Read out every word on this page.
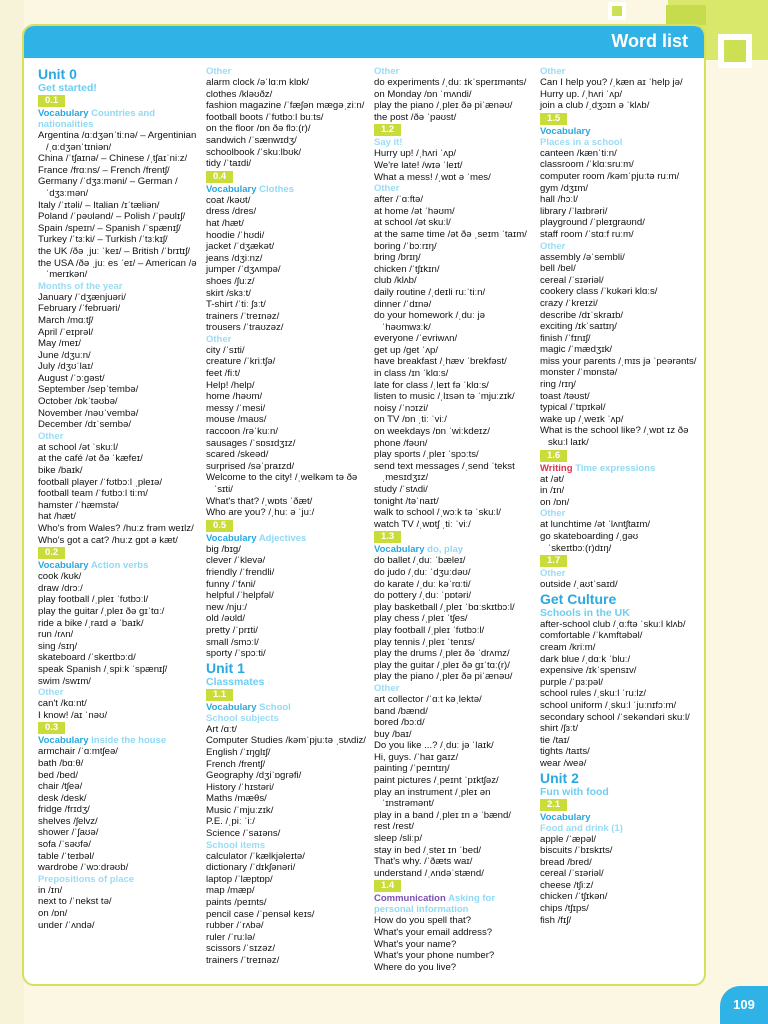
Word list
Unit 0
Get started!
0.1
Vocabulary Countries and nationalities
Argentina /ɑːdʒənˈtiːnə/ – Argentinian /ˌɑːdʒənˈtɪniən/
China /ˈtʃaɪnə/ – Chinese /ˌtʃaɪˈniːz/
France /frɑːns/ – French /frentʃ/
Germany /ˈdʒɜːməni/ – German /ˈdʒɜːmən/
Italy /ˈɪtəli/ – Italian /ɪˈtæliən/
Poland /ˈpəʊlənd/ – Polish /ˈpəʊlɪʃ/
Spain /speɪn/ – Spanish /ˈspænɪʃ/
Turkey /ˈtɜːki/ – Turkish /ˈtɜːkɪʃ/
the UK /ðə ˌjuː ˈkeɪ/ – British /ˈbrɪtɪʃ/
the USA /ðə ˌjuː es ˈeɪ/ – American /əˈmerɪkən/
Months of the year
January /ˈdʒænjuəri/
February /ˈfebruəri/
March /mɑːtʃ/
April /ˈeɪprəl/
May /meɪ/
June /dʒuːn/
July /dʒʊˈlaɪ/
August /ˈɔːgəst/
September /sepˈtembə/
October /ɒkˈtəʊbə/
November /nəʊˈvembə/
December /dɪˈsembə/
Other
at school /ət ˈskuːl/
at the café /ət ðə ˈkæfeɪ/
bike /baɪk/
football player /ˈfʊtbɔːl ˌpleɪə/
football team /ˈfʊtbɔːl tiːm/
hamster /ˈhæmstə/
hat /hæt/
Who's from Wales? /huːz frəm weɪlz/
Who's got a cat? /huːz gɒt ə kæt/
0.2
Vocabulary Action verbs
cook /kʊk/
draw /drɔː/
play football /ˌpleɪ ˈfʊtbɔːl/
play the guitar /ˌpleɪ ðə gɪˈtɑː/
ride a bike /ˌraɪd ə ˈbaɪk/
run /rʌn/
sing /sɪŋ/
skateboard /ˈskeɪtbɔːd/
speak Spanish /ˌspiːk ˈspænɪʃ/
swim /swɪm/
Other
can't /kɑːnt/
I know! /aɪ ˈnəʊ/
0.3
Vocabulary Inside the house
armchair /ˈɑːmtʃeə/
bath /bɑːθ/
bed /bed/
chair /tʃeə/
desk /desk/
fridge /frɪdʒ/
shelves /ʃelvz/
shower /ˈʃaʊə/
sofa /ˈsəʊfə/
table /ˈteɪbəl/
wardrobe /ˈwɔːdrəʊb/
Prepositions of place
in /ɪn/
next to /ˈnekst tə/
on /ɒn/
under /ˈʌndə/
Other
alarm clock /əˈlɑːm klɒk/
clothes /kləʊðz/
fashion magazine /ˈfæʃən mægəˌziːn/
football boots /ˈfʊtbɔːl buːts/
on the floor /ɒn ðə flɔː(r)/
sandwich /ˈsænwɪdʒ/
schoolbook /ˈskuːlbʊk/
tidy /ˈtaɪdi/
0.4
Vocabulary Clothes
coat /kəʊt/
dress /dres/
hat /hæt/
hoodie /ˈhʊdi/
jacket /ˈdʒækət/
jeans /dʒiːnz/
jumper /ˈdʒʌmpə/
shoes /ʃuːz/
skirt /skɜːt/
T-shirt /ˈtiː ʃɜːt/
trainers /ˈtreɪnəz/
trousers /ˈtraʊzəz/
Other
city /ˈsɪti/
creature /ˈkriːtʃə/
feet /fiːt/
Help! /help/
home /həʊm/
messy /ˈmesi/
mouse /maʊs/
raccoon /rəˈkuːn/
sausages /ˈsɒsɪdʒɪz/
scared /skeəd/
surprised /səˈpraɪzd/
Welcome to the city! /ˌwelkəm tə ðə ˈsɪti/
What's that? /ˌwɒts ˈðæt/
Who are you? /ˌhuː ə ˈjuː/
0.5
Vocabulary Adjectives
big /bɪg/
clever /ˈklevə/
friendly /ˈfrendli/
funny /ˈfʌni/
helpful /ˈhelpfəl/
new /njuː/
old /əʊld/
pretty /ˈprɪti/
small /smɔːl/
sporty /ˈspɔːti/
Unit 1
Classmates
1.1
Vocabulary School
School subjects
Art /ɑːt/
Computer Studies /kəmˈpjuːtə ˌstʌdiz/
English /ˈɪŋglɪʃ/
French /frentʃ/
Geography /dʒiˈɒgrəfi/
History /ˈhɪstəri/
Maths /mæθs/
Music /ˈmjuːzɪk/
P.E. /ˌpiː ˈiː/
Science /ˈsaɪəns/
School items
calculator /ˈkælkjəleɪtə/
dictionary /ˈdɪkʃənəri/
laptop /ˈlæptɒp/
map /mæp/
paints /peɪnts/
pencil case /ˈpensəl keɪs/
rubber /ˈrʌbə/
ruler /ˈruːlə/
scissors /ˈsɪzəz/
trainers /ˈtreɪnəz/
Other
do experiments /ˌduː ɪkˈsperɪmənts/
on Monday /ɒn ˈmʌndi/
play the piano /ˌpleɪ ðə piˈænəʊ/
the post /ðə ˈpəʊst/
1.2
Say it!
Hurry up! /ˌhʌri ˈʌp/
We're late! /wɪə ˈleɪt/
What a mess! /ˌwɒt ə ˈmes/
Other
after /ˈɑːftə/
at home /ət ˈhəʊm/
at school /ət skuːl/
at the same time /ət ðə ˌseɪm ˈtaɪm/
boring /ˈbɔːrɪŋ/
bring /brɪŋ/
chicken /ˈtʃɪkɪn/
club /klʌb/
daily routine /ˌdeɪli ruːˈtiːn/
dinner /ˈdɪnə/
do your homework /ˌduː jə ˈhəʊmwɜːk/
everyone /ˈevriwʌn/
get up /get ˈʌp/
have breakfast /ˌhæv ˈbrekfəst/
in class /ɪn ˈklɑːs/
late for class /ˌleɪt fə ˈklɑːs/
listen to music /ˌlɪsən tə ˈmjuːzɪk/
noisy /ˈnɔɪzi/
on TV /ɒn ˌtiː ˈviː/
on weekdays /ɒn ˈwiːkdeɪz/
phone /fəʊn/
play sports /ˌpleɪ ˈspɔːts/
send text messages /ˌsend ˈtekst ˌmesɪdʒɪz/
study /ˈstʌdi/
tonight /təˈnaɪt/
walk to school /ˌwɔːk tə ˈskuːl/
watch TV /ˌwɒtʃ ˌtiː ˈviː/
1.3
Vocabulary do, play
do ballet /ˌduː ˈbæleɪ/
do judo /ˌduː ˈdʒuːdəʊ/
do karate /ˌduː kəˈrɑːti/
do pottery /ˌduː ˈpɒtəri/
play basketball /ˌpleɪ ˈbɑːskɪtbɔːl/
play chess /ˌpleɪ ˈtʃes/
play football /ˌpleɪ ˈfʊtbɔːl/
play tennis /ˌpleɪ ˈtenɪs/
play the drums /ˌpleɪ ðə ˈdrʌmz/
play the guitar /ˌpleɪ ðə gɪˈtɑː(r)/
play the piano /ˌpleɪ ðə piˈænəʊ/
Other
art collector /ˈɑːt kəˌlektə/
band /bænd/
bored /bɔːd/
buy /baɪ/
Do you like ...? /ˌduː jə ˈlaɪk/
Hi, guys. /ˈhaɪ gaɪz/
painting /ˈpeɪntɪŋ/
paint pictures /ˌpeɪnt ˈpɪktʃəz/
play an instrument /ˌpleɪ ən ˈɪnstrəmənt/
play in a band /ˌpleɪ ɪn ə ˈbænd/
rest /rest/
sleep /sliːp/
stay in bed /ˌsteɪ ɪn ˈbed/
That's why. /ˈðæts waɪ/
understand /ˌʌndəˈstænd/
1.4
Communication Asking for personal information
How do you spell that?
What's your email address?
What's your name?
What's your phone number?
Where do you live?
Other
Can I help you? /ˌkæn aɪ ˈhelp jə/
Hurry up. /ˌhʌri ˈʌp/
join a club /ˌdʒɔɪn ə ˈklʌb/
1.5
Vocabulary
Places in a school
canteen /kænˈtiːn/
classroom /ˈklɑːsruːm/
computer room /kəmˈpjuːtə ruːm/
gym /dʒɪm/
hall /hɔːl/
library /ˈlaɪbrəri/
playground /ˈpleɪgraʊnd/
staff room /ˈstɑːf ruːm/
Other
assembly /əˈsembli/
bell /bel/
cereal /ˈsɪəriəl/
cookery class /ˈkʊkəri klɑːs/
crazy /ˈkreɪzi/
describe /dɪˈskraɪb/
exciting /ɪkˈsaɪtɪŋ/
finish /ˈfɪnɪʃ/
magic /ˈmædʒɪk/
miss your parents /ˌmɪs jə ˈpeərənts/
monster /ˈmɒnstə/
ring /rɪŋ/
toast /təʊst/
typical /ˈtɪpɪkəl/
wake up /ˌweɪk ˈʌp/
What is the school like? /ˌwɒt ɪz ðə skuːl laɪk/
1.6
Writing Time expressions
at /ət/
in /ɪn/
on /ɒn/
Other
at lunchtime /ət ˈlʌntʃtaɪm/
go skateboarding /ˌgəʊ ˈskeɪtbɔː(r)dɪŋ/
1.7
Other
outside /ˌaʊtˈsaɪd/
Get Culture
Schools in the UK
after-school club /ˌɑːftə ˈskuːl klʌb/
comfortable /ˈkʌmftəbəl/
cream /kriːm/
dark blue /ˌdɑːk ˈbluː/
expensive /ɪkˈspensɪv/
purple /ˈpɜːpəl/
school rules /ˌskuːl ˈruːlz/
school uniform /ˌskuːl ˈjuːnɪfɔːm/
secondary school /ˈsekəndəri skuːl/
shirt /ʃɜːt/
tie /taɪ/
tights /taɪts/
wear /weə/
Unit 2
Fun with food
2.1
Vocabulary
Food and drink (1)
apple /ˈæpəl/
biscuits /ˈbɪskɪts/
bread /bred/
cereal /ˈsɪəriəl/
cheese /tʃiːz/
chicken /ˈtʃɪkən/
chips /tʃɪps/
fish /fɪʃ/
109
